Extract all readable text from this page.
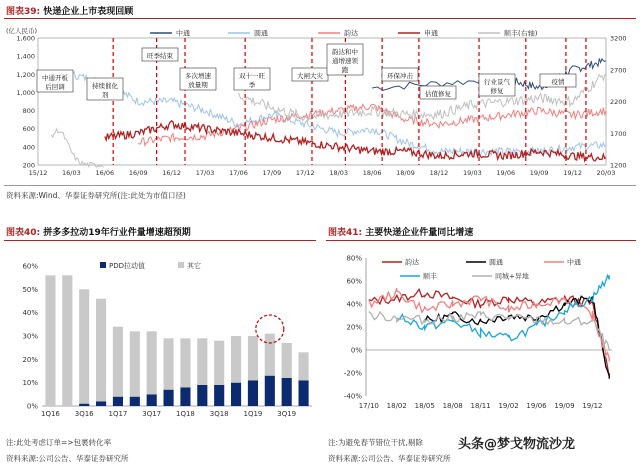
图表39: 快递企业上市表现回顾
资料来源:Wind、华泰证券研究所(注:此处为市值口径)
图表40: 拼多多拉动19年行业件量增速超预期
注:此处考虑订单=>包裹转化率
资料来源:公司公告、华泰证券研究所
图表41: 主要快递企业件量同比增速
注:为避免春节错位干扰,剔除
资料来源:公司公告、华泰证券研究所
头条@梦戈物流沙龙
(亿人民币)
200
400
600
800
1,000
1,200
1,400
1,600
1200
1700
2200
2700
3200
15/12 16/03 16/06 16/09 16/12 17/03 17/06 17/09 17/12 18/03 18/06 18/09 18/12 19/03 19/06 19/09 19/12 20/03
中通	圆通	韵达	申通	顺丰(右轴)
中通开板
后回调	持续催化
剂
旺季结束
多次增速
放量期
双十一旺
季
大闸大灾
韵达和中
通增速领
跑
环保冲击
估值修复
行业景气
修复
疫情
0%
10%
20%
30%
40%
50%
60%
1Q16 3Q16 1Q17 3Q17 1Q18 3Q18 1Q19 3Q19
PDD拉动值	其它
-40%
-20%
0%
20%
40%
60%
80%
17/10 18/02 18/05 18/08 18/11 19/02 19/06 19/09 19/12
韵达	圆通	中通
顺丰	同城+异地
